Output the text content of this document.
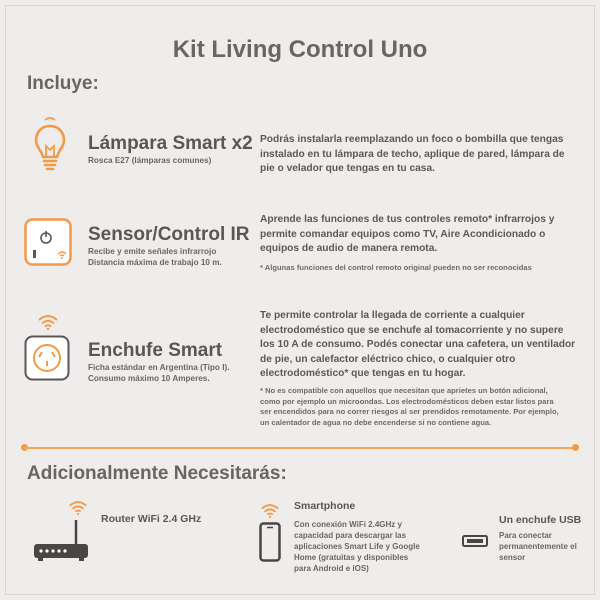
Kit Living Control Uno
Incluye:
Lámpara Smart x2
Rosca E27 (lámparas comunes)
Podrás instalarla reemplazando un foco o bombilla que tengas
instalado en tu lámpara de techo, aplique de pared, lámpara de
pie o velador que tengas en tu casa.
Sensor/Control IR
Recibe y emite señales infrarrojo
Distancia máxima de trabajo 10 m.
Aprende las funciones de tus controles remoto* infrarrojos y
permite comandar equipos como TV, Aire Acondicionado o
equipos de audio de manera remota.
* Algunas funciones del control remoto original pueden no ser reconocidas
Enchufe Smart
Ficha estándar en Argentina (Tipo I).
Consumo máximo 10 Amperes.
Te permite controlar la llegada de corriente a cualquier
electrodoméstico que se enchufe al tomacorriente y no supere
los 10 A de consumo. Podés conectar una cafetera, un ventilador
de pie, un calefactor eléctrico chico, o cualquier otro
electrodoméstico* que tengas en tu hogar.
* No es compatible con aquellos que necesitan que aprietes un botón adicional,
como por ejemplo un microondas. Los electrodomésticos deben estar listos para
ser encendidos para no correr riesgos al ser prendidos remotamente. Por ejemplo,
un calentador de agua no debe encenderse si no contiene agua.
Adicionalmente Necesitarás:
Router WiFi 2.4 GHz
Smartphone
Con conexión WiFi 2.4GHz y
capacidad para descargar las
aplicaciones Smart Life y Google
Home (gratuitas y disponibles
para Android e iOS)
Un enchufe USB
Para conectar
permanentemente el
sensor
